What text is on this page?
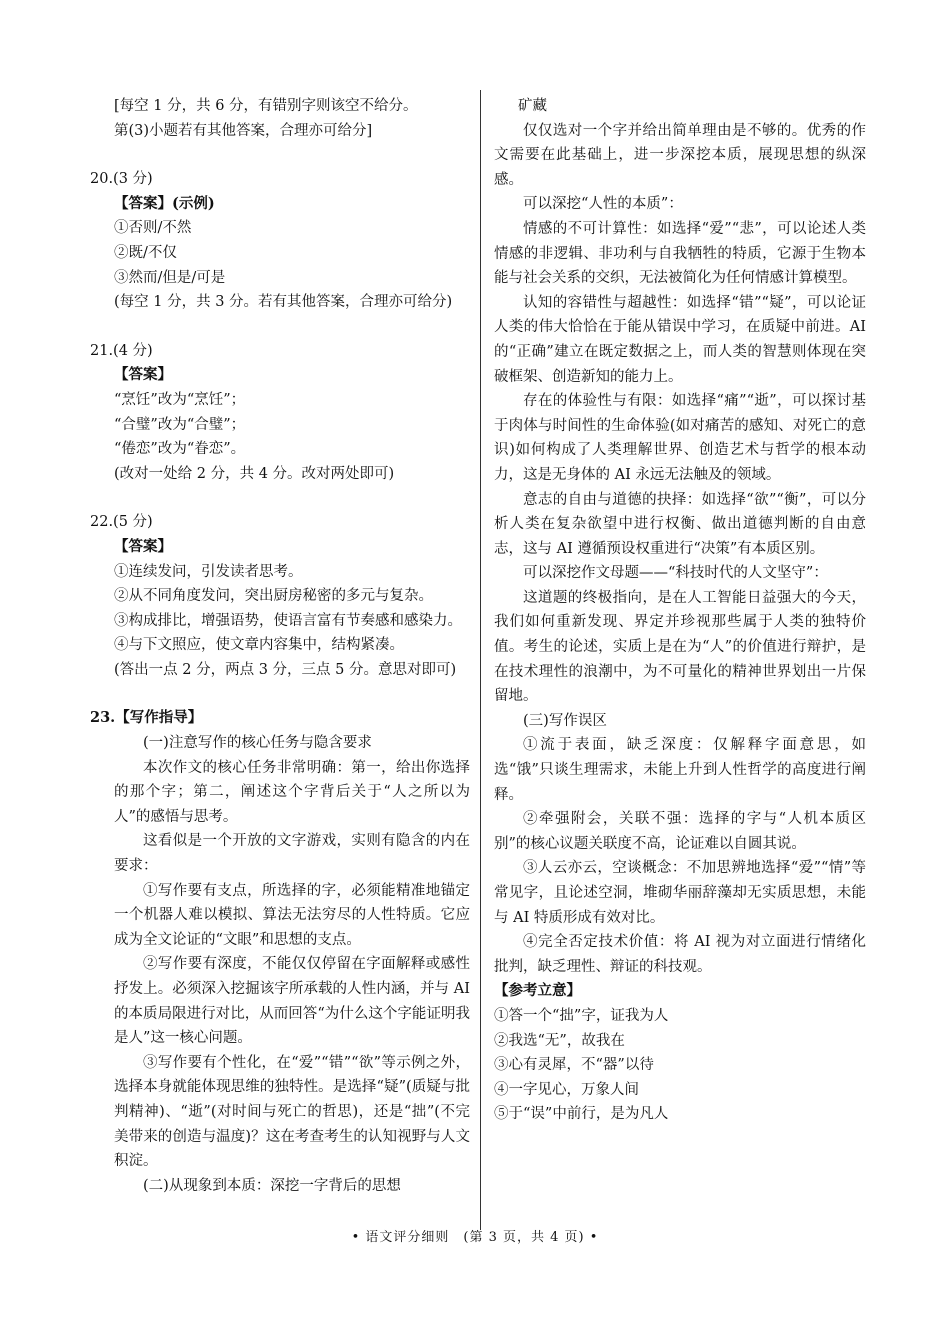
[每空 1 分，共 6 分，有错别字则该空不给分。

第(3)小题若有其他答案，合理亦可给分]

20.(3 分)

【答案】(示例)

①否则/不然

②既/不仅

③然而/但是/可是

(每空 1 分，共 3 分。若有其他答案，合理亦可给分)

21.(4 分)

【答案】

“烹饪”改为“烹饪”；

“合璧”改为“合璧”；

“倦恋”改为“眷恋”。

(改对一处给 2 分，共 4 分。改对两处即可)

22.(5 分)

【答案】

①连续发问，引发读者思考。

②从不同角度发问，突出厨房秘密的多元与复杂。

③构成排比，增强语势，使语言富有节奏感和感染力。

④与下文照应，使文章内容集中，结构紧凑。

(答出一点 2 分，两点 3 分，三点 5 分。意思对即可)

23.【写作指导】

(一)注意写作的核心任务与隐含要求

本次作文的核心任务非常明确：第一，给出你选择的那个字；第二，阐述这个字背后关于“人之所以为人”的感悟与思考。

这看似是一个开放的文字游戏，实则有隐含的内在要求：

①写作要有支点，所选择的字，必须能精准地锚定一个机器人难以模拟、算法无法穷尽的人性特质。它应成为全文论证的“文眼”和思想的支点。

②写作要有深度，不能仅仅停留在字面解释或感性抒发上。必须深入挖掘该字所承载的人性内涵，并与 AI 的本质局限进行对比，从而回答“为什么这个字能证明我是人”这一核心问题。

③写作要有个性化，在“爱”“错”“欲”等示例之外，选择本身就能体现思维的独特性。是选择“疑”(质疑与批判精神)、“逝”(对时间与死亡的哲思)，还是“拙”(不完美带来的创造与温度)？这在考查考生的认知视野与人文积淀。

(二)从现象到本质：深挖一字背后的思想

矿藏

仅仅选对一个字并给出简单理由是不够的。优秀的作文需要在此基础上，进一步深挖本质，展现思想的纵深感。

可以深挖“人性的本质”：

情感的不可计算性：如选择“爱”“悲”，可以论述人类情感的非逻辑、非功利与自我牺牲的特质，它源于生物本能与社会关系的交织，无法被简化为任何情感计算模型。

认知的容错性与超越性：如选择“错”“疑”，可以论证人类的伟大恰恰在于能从错误中学习，在质疑中前进。AI 的“正确”建立在既定数据之上，而人类的智慧则体现在突破框架、创造新知的能力上。

存在的体验性与有限：如选择“痛”“逝”，可以探讨基于肉体与时间性的生命体验(如对痛苦的感知、对死亡的意识)如何构成了人类理解世界、创造艺术与哲学的根本动力，这是无身体的 AI 永远无法触及的领域。

意志的自由与道德的抉择：如选择“欲”“衡”，可以分析人类在复杂欲望中进行权衡、做出道德判断的自由意志，这与 AI 遵循预设权重进行“决策”有本质区别。

可以深挖作文母题——“科技时代的人文坚守”：

这道题的终极指向，是在人工智能日益强大的今天，我们如何重新发现、界定并珍视那些属于人类的独特价值。考生的论述，实质上是在为“人”的价值进行辩护，是在技术理性的浪潮中，为不可量化的精神世界划出一片保留地。

(三)写作误区

①流于表面，缺乏深度：仅解释字面意思，如选“饿”只谈生理需求，未能上升到人性哲学的高度进行阐释。

②牵强附会，关联不强：选择的字与“人机本质区别”的核心议题关联度不高，论证难以自圆其说。

③人云亦云，空谈概念：不加思辨地选择“爱”“情”等常见字，且论述空洞，堆砌华丽辞藻却无实质思想，未能与 AI 特质形成有效对比。

④完全否定技术价值：将 AI 视为对立面进行情绪化批判，缺乏理性、辩证的科技观。

【参考立意】

①答一个“拙”字，证我为人

②我选“无”，故我在

③心有灵犀，不“器”以待

④一字见心，万象人间

⑤于“误”中前行，是为凡人

• 语文评分细则　(第 3 页，共 4 页) •
